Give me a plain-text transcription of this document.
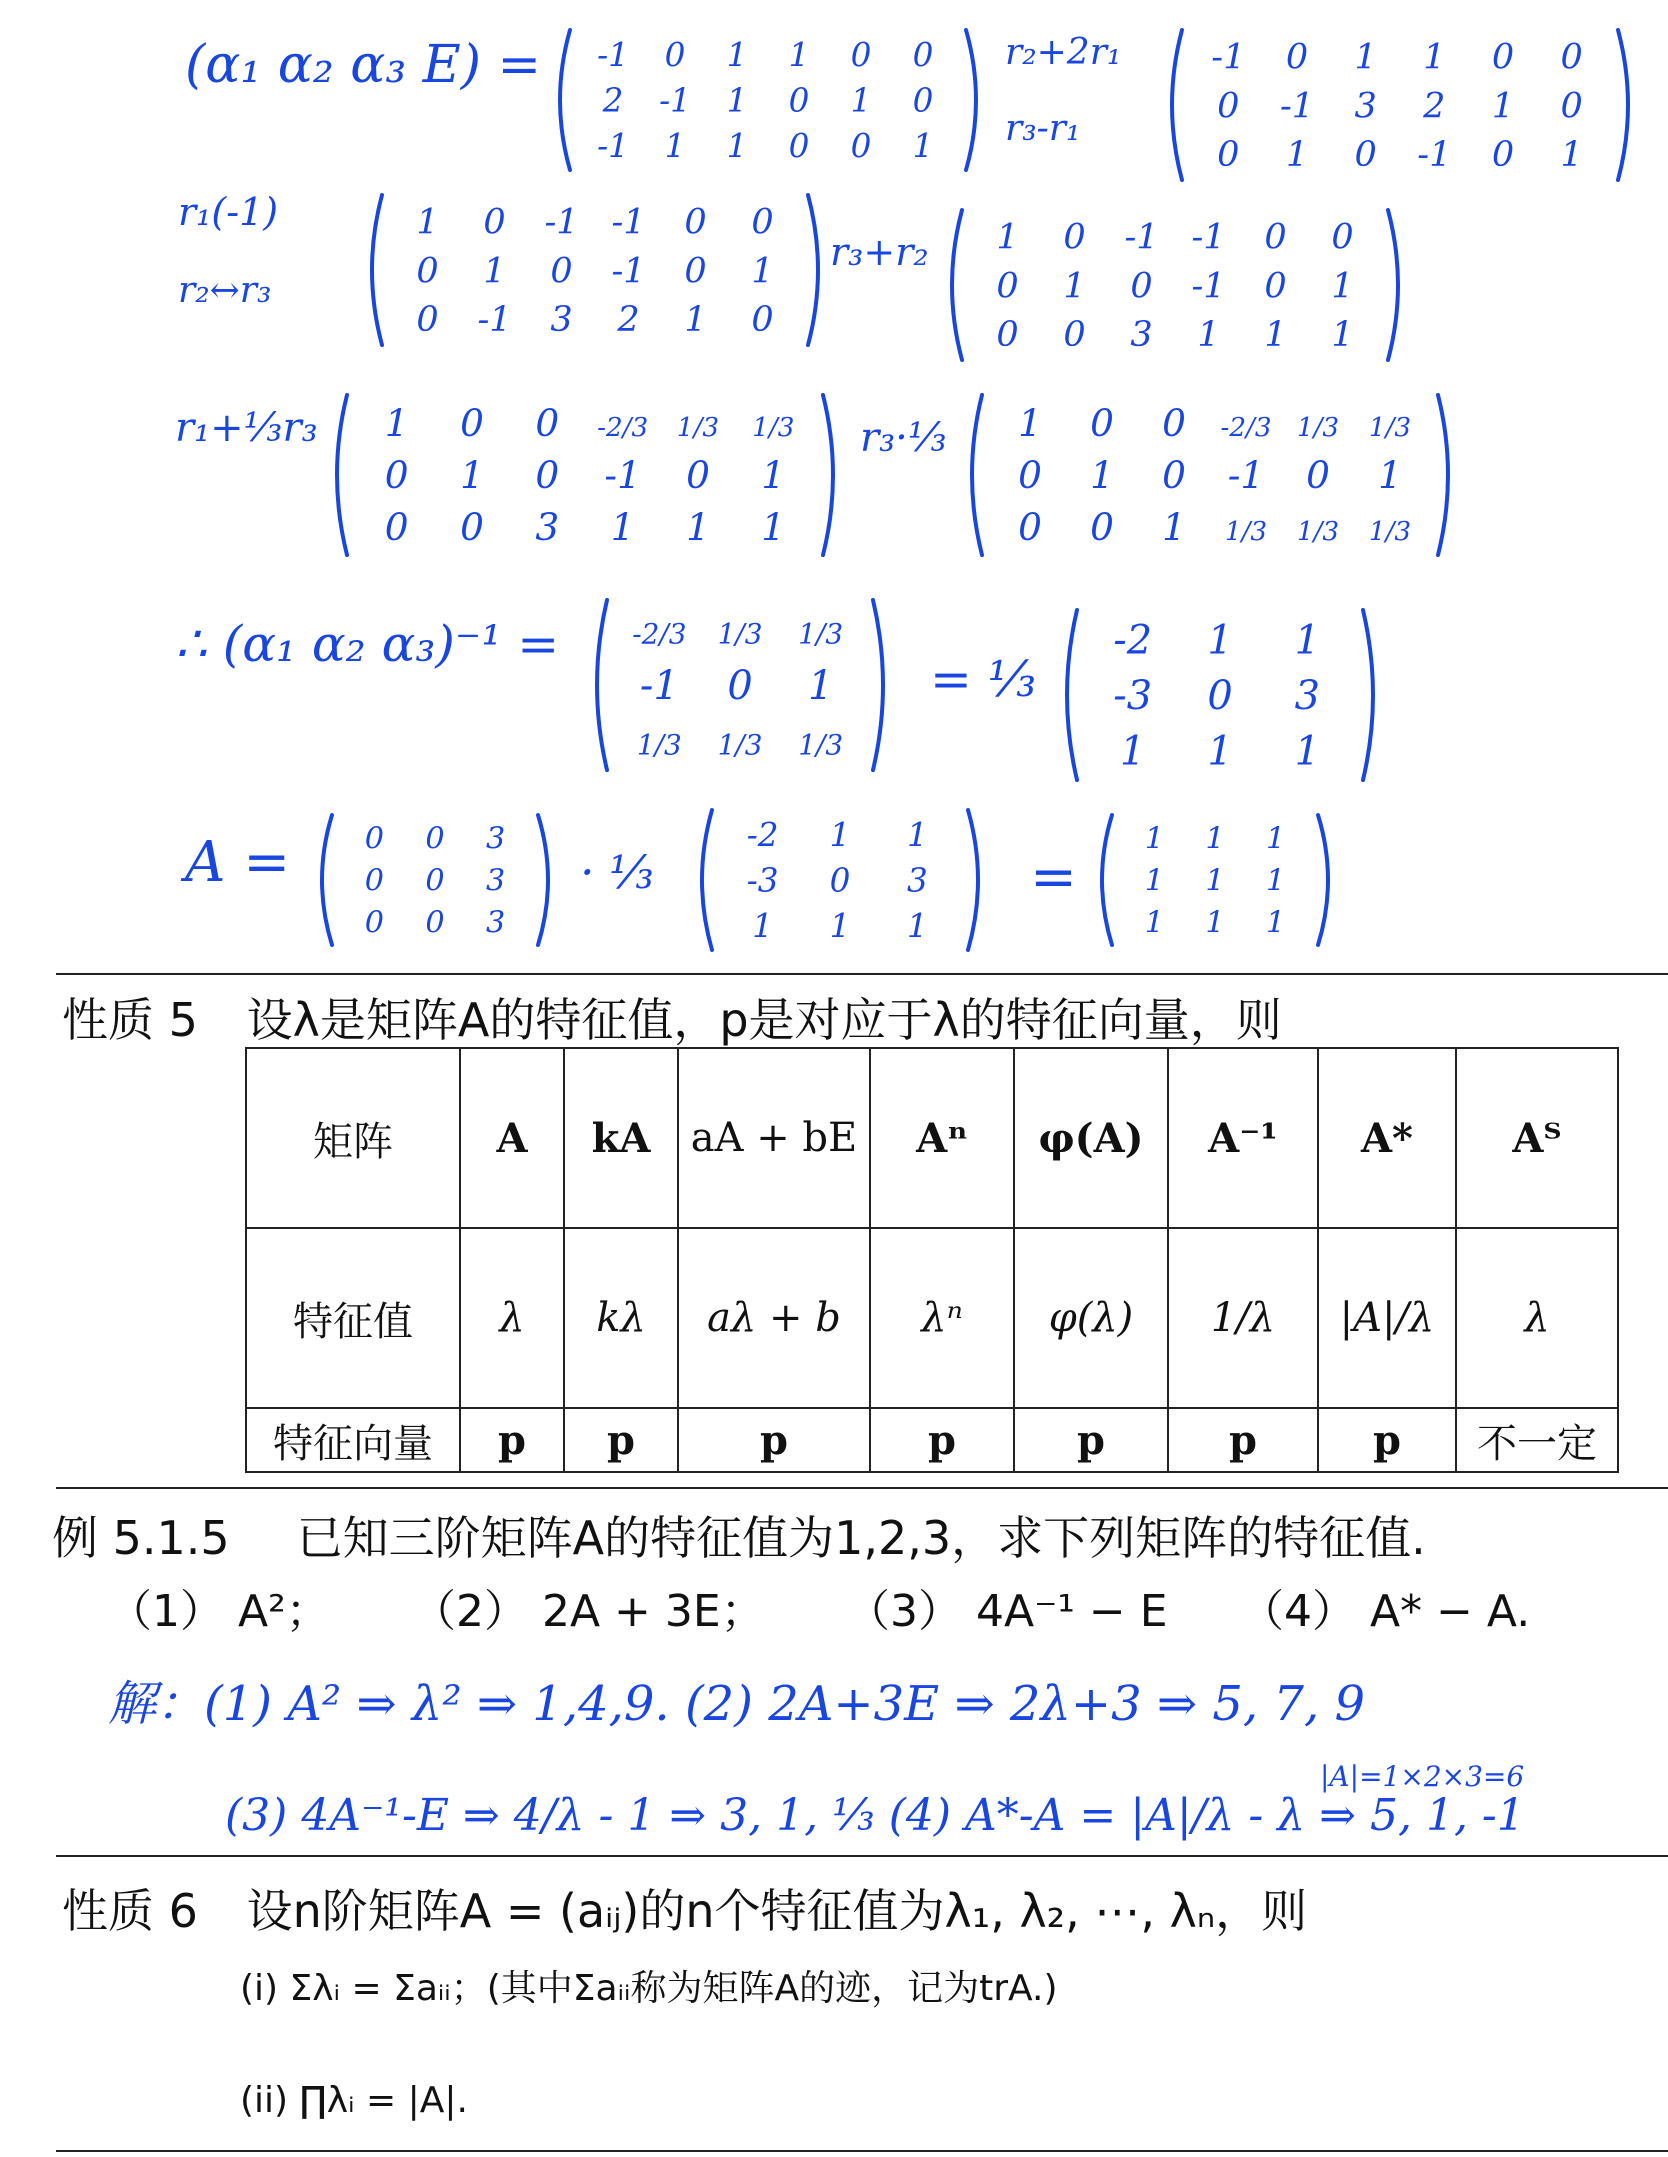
(α₁ α₂ α₃ E) = -1 0 1 1 0 0
2 -1 1 0 1 0
-1 1 1 0 0 1
r₂+2r₁
r₃-r₁
-1 0 1 1 0 0
0 -1 3 2 1 0
0 1 0 -1 0 1
r₁(-1)
r₂↔r₃
1 0 -1 -1 0 0
0 1 0 -1 0 1
0 -1 3 2 1 0
r₃+r₂ 1 0 -1 -1 0 0
0 1 0 -1 0 1
0 0 3 1 1 1
r₁+⅓r₃ 1 0 0 -2/3 1/3 1/3
0 1 0 -1 0 1
0 0 3 1 1 1
r₃·⅓ 1 0 0 -2/3 1/3 1/3
0 1 0 -1 0 1
0 0 1 1/3 1/3 1/3
∴ (α₁ α₂ α₃)⁻¹ =	-2/3 1/3 1/3
-1 0 1
1/3 1/3 1/3
= ⅓
-2 1 1
-3 0 3
1 1 1
A = 0 0 3
0 0 3
0 0 3
· ⅓
-2 1 1
-3 0 3
1 1 1
=
1 1 1
1 1 1
1 1 1
性质 5 设λ是矩阵A的特征值，p是对应于λ的特征向量，则
矩阵	A	kA	aA + bE	Aⁿ	φ(A)	A⁻¹	A*	Aᵀ
特征值	λ	kλ	aλ + b	λⁿ	φ(λ)	1/λ	|A|/λ	λ
特征向量	p	p	p	p	p	p	p	不一定
例 5.1.5 已知三阶矩阵A的特征值为1,2,3，求下列矩阵的特征值.
（1） A²； （2） 2A + 3E； （3） 4A⁻¹ − E （4） A* − A.
解：(1) A² ⇒ λ² ⇒ 1,4,9. (2) 2A+3E ⇒ 2λ+3 ⇒ 5, 7, 9
|A|=1×2×3=6
(3) 4A⁻¹-E ⇒ 4/λ - 1 ⇒ 3, 1, ⅓ (4) A*-A = |A|/λ - λ ⇒ 5, 1, -1
性质 6 设n阶矩阵A = (aᵢⱼ)的n个特征值为λ₁, λ₂, ⋯, λₙ，则
(i) Σλᵢ = Σaᵢᵢ；(其中Σaᵢᵢ称为矩阵A的迹，记为trA.)
(ii) ∏λᵢ = |A|.
